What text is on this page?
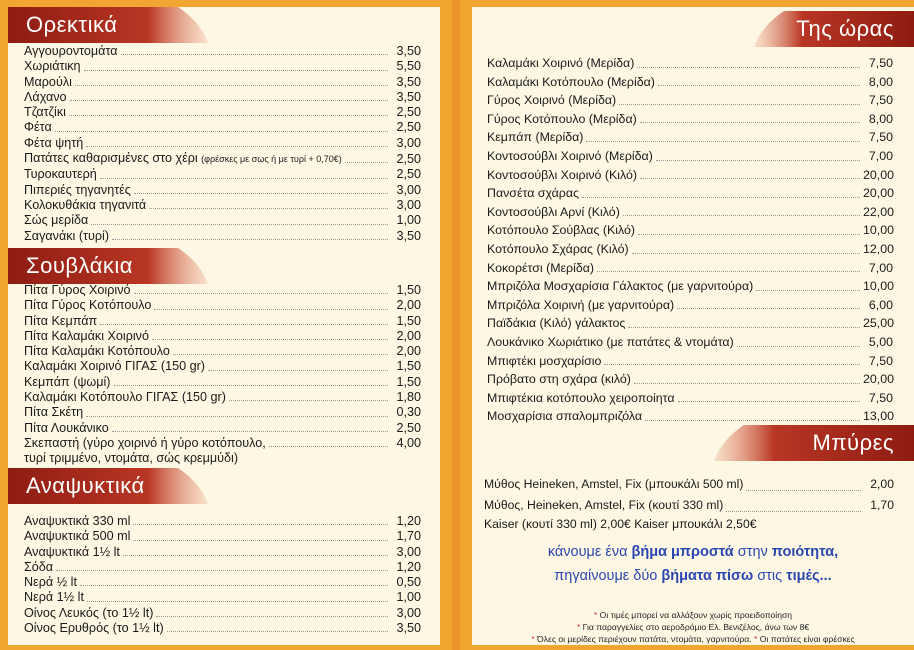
Ορεκτικά
Αγγουροντομάτα	3,50
Χωριάτικη	5,50
Μαρούλι	3,50
Λάχανο	3,50
Τζατζίκι	2,50
Φέτα	2,50
Φέτα ψητή	3,00
Πατάτες καθαρισμένες στο χέρι (φρέσκες με σως ή με τυρί + 0,70€)	2,50
Τυροκαυτερή	2,50
Πιπεριές τηγανητές	3,00
Κολοκυθάκια τηγανιτά	3,00
Σώς μερίδα	1,00
Σαγανάκι (τυρί)	3,50
Σουβλάκια
Πίτα Γύρος Χοιρινό	1,50
Πίτα Γύρος Κοτόπουλο	2,00
Πίτα Κεμπάπ	1,50
Πίτα Καλαμάκι Χοιρινό	2,00
Πίτα Καλαμάκι Κοτόπουλο	2,00
Καλαμάκι Χοιρινό ΓΙΓΑΣ (150 gr)	1,50
Κεμπάπ (ψωμί)	1,50
Καλαμάκι Κοτόπουλο ΓΙΓΑΣ (150 gr)	1,80
Πίτα Σκέτη	0,30
Πίτα Λουκάνικο	2,50
Σκεπαστή (γύρο χοιρινό ή γύρο κοτόπουλο,
τυρί τριμμένο, ντομάτα, σώς κρεμμύδι)
4,00
Αναψυκτικά
Αναψυκτικά 330 ml	1,20
Αναψυκτικά 500 ml	1,70
Αναψυκτικά 1½ lt	3,00
Σόδα	1,20
Νερά ½ lt	0,50
Νερά 1½ lt	1,00
Οίνος Λευκός (το 1½ lt)	3,00
Οίνος Ερυθρός (το 1½ lt)	3,50
Της ώρας
Καλαμάκι Χοιρινό (Μερίδα)	7,50
Καλαμάκι Κοτόπουλο (Μερίδα)	8,00
Γύρος Χοιρινό (Μερίδα)	7,50
Γύρος Κοτόπουλο (Μερίδα)	8,00
Κεμπάπ (Μερίδα)	7,50
Κοντοσούβλι Χοιρινό (Μερίδα)	7,00
Κοντοσούβλι Χοιρινό (Κιλό)	20,00
Πανσέτα σχάρας	20,00
Κοντοσούβλι Αρνί (Κιλό)	22,00
Κοτόπουλο Σούβλας (Κιλό)	10,00
Κοτόπουλο Σχάρας (Κιλό)	12,00
Κοκορέτσι (Μερίδα)	7,00
Μπριζόλα Μοσχαρίσια Γάλακτος (με γαρνιτούρα)	10,00
Μπριζόλα Χοιρινή (με γαρνιτούρα)	6,00
Παϊδάκια (Κιλό) γάλακτος	25,00
Λουκάνικο Χωριάτικο (με πατάτες & ντομάτα)	5,00
Μπιφτέκι μοσχαρίσιο	7,50
Πρόβατο στη σχάρα (κιλό)	20,00
Μπιφτέκια κοτόπουλο χειροποίητα	7,50
Μοσχαρίσια σπαλομπριζόλα	13,00
Μπύρες
Μύθος Heineken, Amstel, Fix (μπουκάλι 500 ml)	2,00
Μύθος, Heineken, Amstel, Fix (κουτί 330 ml)	1,70
Kaiser (κουτί 330 ml) 2,00€ Kaiser μπουκάλι 2,50€
κάνουμε ένα βήμα μπροστά στην ποιότητα,
πηγαίνουμε δύο βήματα πίσω στις τιμές...
* Οι τιμές μπορεί να αλλάξουν χωρίς προειδοποίηση
* Για παραγγελίες στο αεροδρόμιο Ελ. Βενιζέλος, άνω των 8€
* Όλες οι μερίδες περιέχουν πατάτα, ντομάτα, γαρνιτούρα. * Οι πατάτες είναι φρέσκες
